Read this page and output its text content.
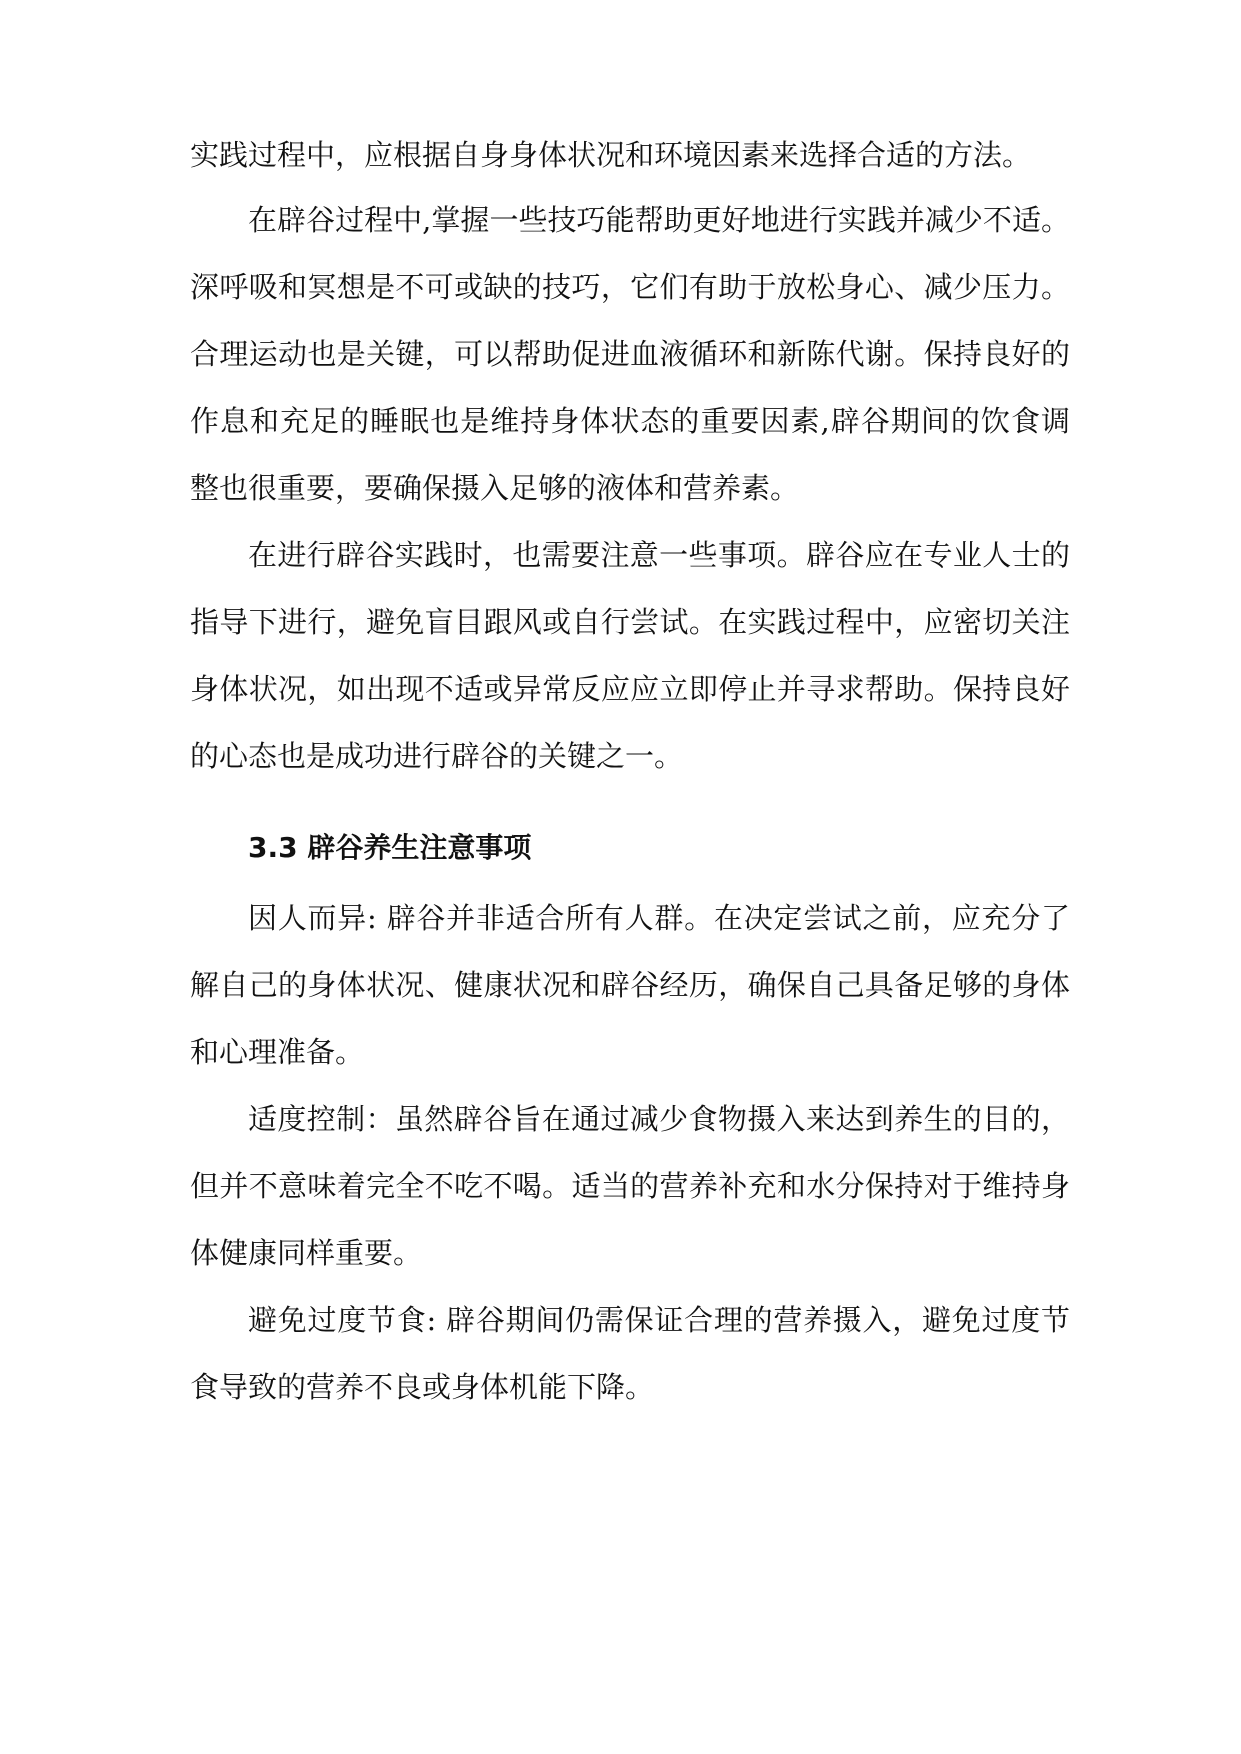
实践过程中，应根据自身身体状况和环境因素来选择合适的方法。

在辟谷过程中,掌握一些技巧能帮助更好地进行实践并减少不适。

深呼吸和冥想是不可或缺的技巧，它们有助于放松身心、减少压力。

合理运动也是关键，可以帮助促进血液循环和新陈代谢。保持良好的

作息和充足的睡眠也是维持身体状态的重要因素,辟谷期间的饮食调

整也很重要，要确保摄入足够的液体和营养素。

在进行辟谷实践时，也需要注意一些事项。辟谷应在专业人士的

指导下进行，避免盲目跟风或自行尝试。在实践过程中，应密切关注

身体状况，如出现不适或异常反应应立即停止并寻求帮助。保持良好

的心态也是成功进行辟谷的关键之一。

3.3 辟谷养生注意事项

因人而异: 辟谷并非适合所有人群。在决定尝试之前，应充分了

解自己的身体状况、健康状况和辟谷经历，确保自己具备足够的身体

和心理准备。

适度控制：虽然辟谷旨在通过减少食物摄入来达到养生的目的，

但并不意味着完全不吃不喝。适当的营养补充和水分保持对于维持身

体健康同样重要。

避免过度节食: 辟谷期间仍需保证合理的营养摄入，避免过度节

食导致的营养不良或身体机能下降。
